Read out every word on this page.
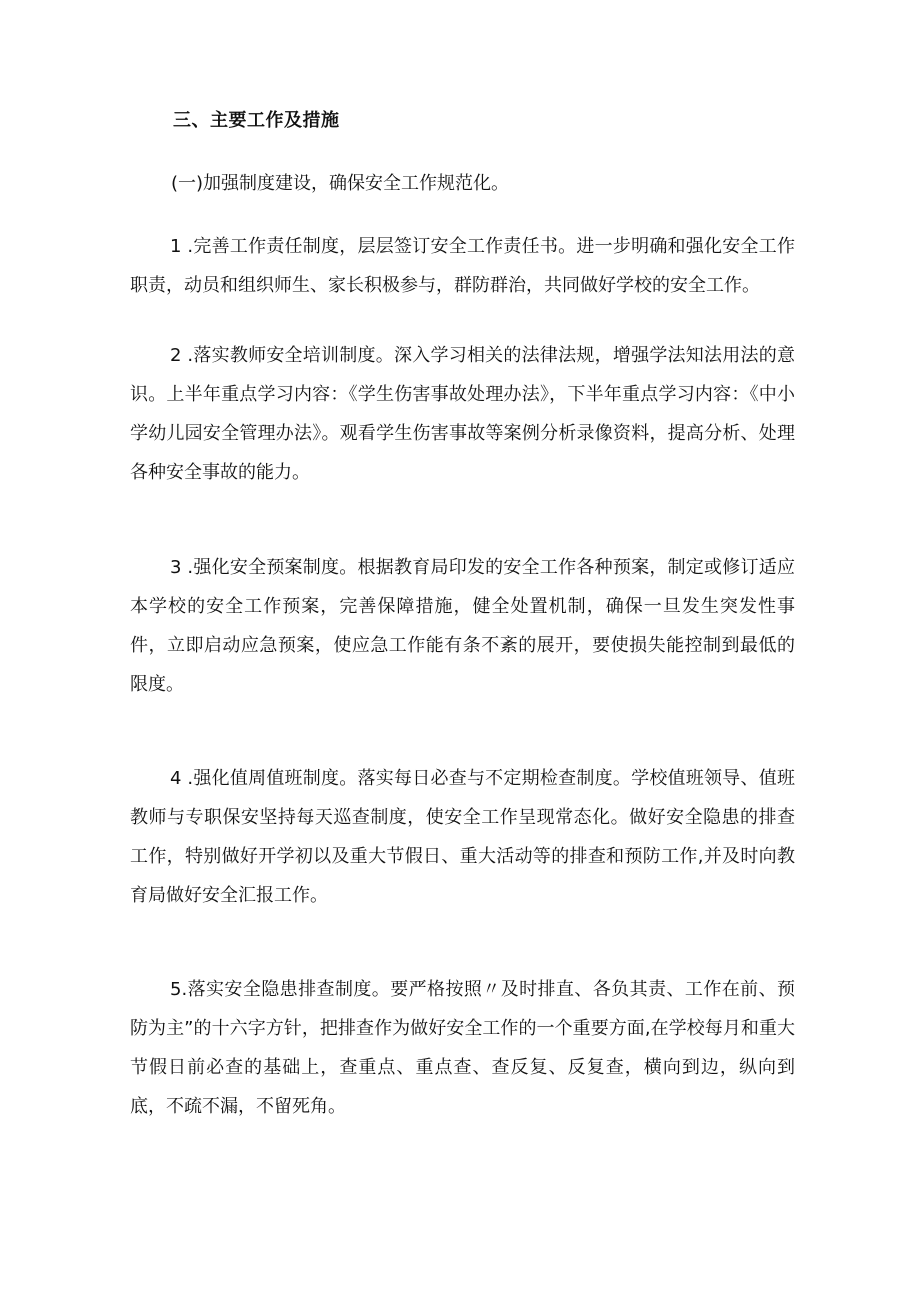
三、主要工作及措施
(一)加强制度建设，确保安全工作规范化。

1 .完善工作责任制度，层层签订安全工作责任书。进一步明确和强化安全工作职责，动员和组织师生、家长积极参与，群防群治，共同做好学校的安全工作。

2 .落实教师安全培训制度。深入学习相关的法律法规，增强学法知法用法的意识。上半年重点学习内容：《学生伤害事故处理办法》，下半年重点学习内容：《中小学幼儿园安全管理办法》。观看学生伤害事故等案例分析录像资料，提高分析、处理各种安全事故的能力。

3 .强化安全预案制度。根据教育局印发的安全工作各种预案，制定或修订适应本学校的安全工作预案，完善保障措施，健全处置机制，确保一旦发生突发性事件，立即启动应急预案，使应急工作能有条不紊的展开，要使损失能控制到最低的限度。

4 .强化值周值班制度。落实每日必查与不定期检查制度。学校值班领导、值班教师与专职保安坚持每天巡查制度，使安全工作呈现常态化。做好安全隐患的排查工作，特别做好开学初以及重大节假日、重大活动等的排查和预防工作,并及时向教育局做好安全汇报工作。

5.落实安全隐患排查制度。要严格按照〃及时排直、各负其责、工作在前、预防为主”的十六字方针，把排查作为做好安全工作的一个重要方面,在学校每月和重大节假日前必查的基础上，查重点、重点查、查反复、反复查，横向到边，纵向到底，不疏不漏，不留死角。
